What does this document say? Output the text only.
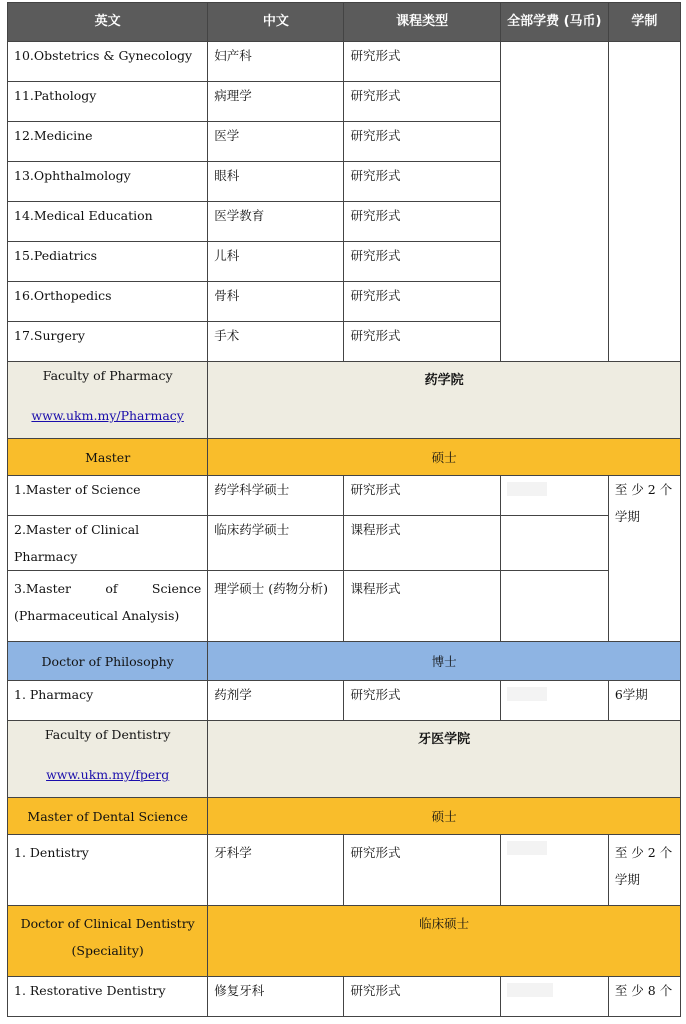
英文	中文	课程类型	全部学费 (马币)	学制
10.Obstetrics & Gynecology	妇产科	研究形式		
11.Pathology	病理学	研究形式		
12.Medicine	医学	研究形式		
13.Ophthalmology	眼科	研究形式		
14.Medical Education	医学教育	研究形式		
15.Pediatrics	儿科	研究形式		
16.Orthopedics	骨科	研究形式		
17.Surgery	手术	研究形式		

Faculty of Pharmacy
www.ukm.my/Pharmacy	药学院			
Master	硕士			
1.Master of Science	药学科学硕士	研究形式		至 少 2 个
学期

2.Master of Clinical Pharmacy	临床药学硕士	课程形式		

3.Master of Science
(Pharmaceutical Analysis)	理学硕士 (药物分析)	课程形式		
Doctor of Philosophy	博士			
1. Pharmacy	药剂学	研究形式		6学期

Faculty of Dentistry
www.ukm.my/fperg	牙医学院			
Master of Dental Science	硕士			
1. Dentistry	牙科学	研究形式		至 少 2 个
学期

Doctor of Clinical Dentistry
(Speciality)	临床硕士			
1. Restorative Dentistry	修复牙科	研究形式		至 少 8 个
